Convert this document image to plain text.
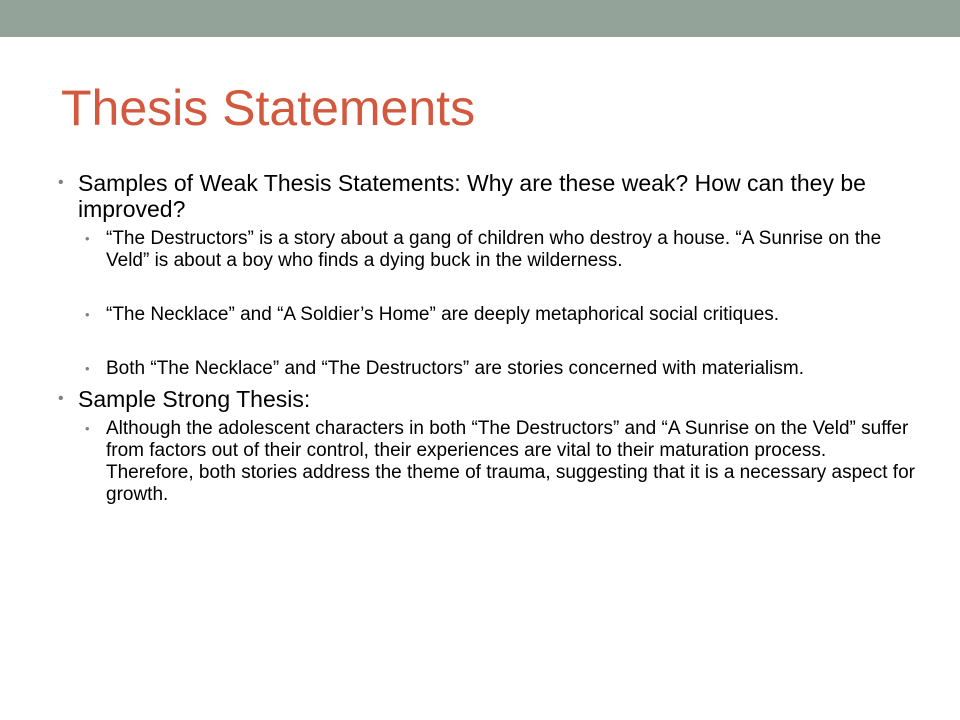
Thesis Statements

• Samples of Weak Thesis Statements: Why are these weak? How can they be improved?

• “The Destructors” is a story about a gang of children who destroy a house. “A Sunrise on the Veld” is about a boy who finds a dying buck in the wilderness.

• “The Necklace” and “A Soldier’s Home” are deeply metaphorical social critiques.

• Both “The Necklace” and “The Destructors” are stories concerned with materialism.

• Sample Strong Thesis:

• Although the adolescent characters in both “The Destructors” and “A Sunrise on the Veld” suffer from factors out of their control, their experiences are vital to their maturation process. Therefore, both stories address the theme of trauma, suggesting that it is a necessary aspect for growth.
